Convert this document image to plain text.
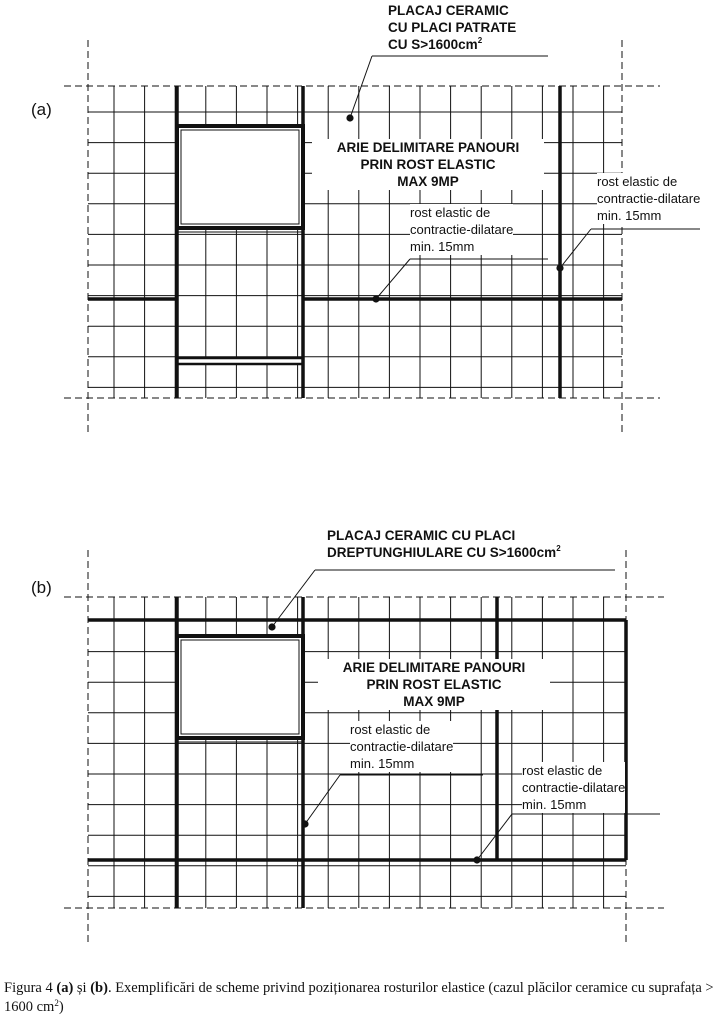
(a)
PLACAJ CERAMIC
CU PLACI PATRATE
CU $S>1600cm^2$
ARIE DELIMITARE PANOURI
PRIN ROST ELASTIC
MAX 9MP
rost elastic de
contractie-dilatare
min. 15mm
rost elastic de
contractie-dilatare
min. 15mm
(b)
PLACAJ CERAMIC CU PLACI
DREPTUNGHIULARE CU $S>1600cm^2$
ARIE DELIMITARE PANOURI
PRIN ROST ELASTIC
MAX 9MP
rost elastic de
contractie-dilatare
min. 15mm	rost elastic de
contractie-dilatare
min. 15mm
Figura 4 (a) și (b). Exemplificări de scheme privind poziționarea rosturilor elastice (cazul plăcilor ceramice cu suprafața > 1600 $cm^2$)
